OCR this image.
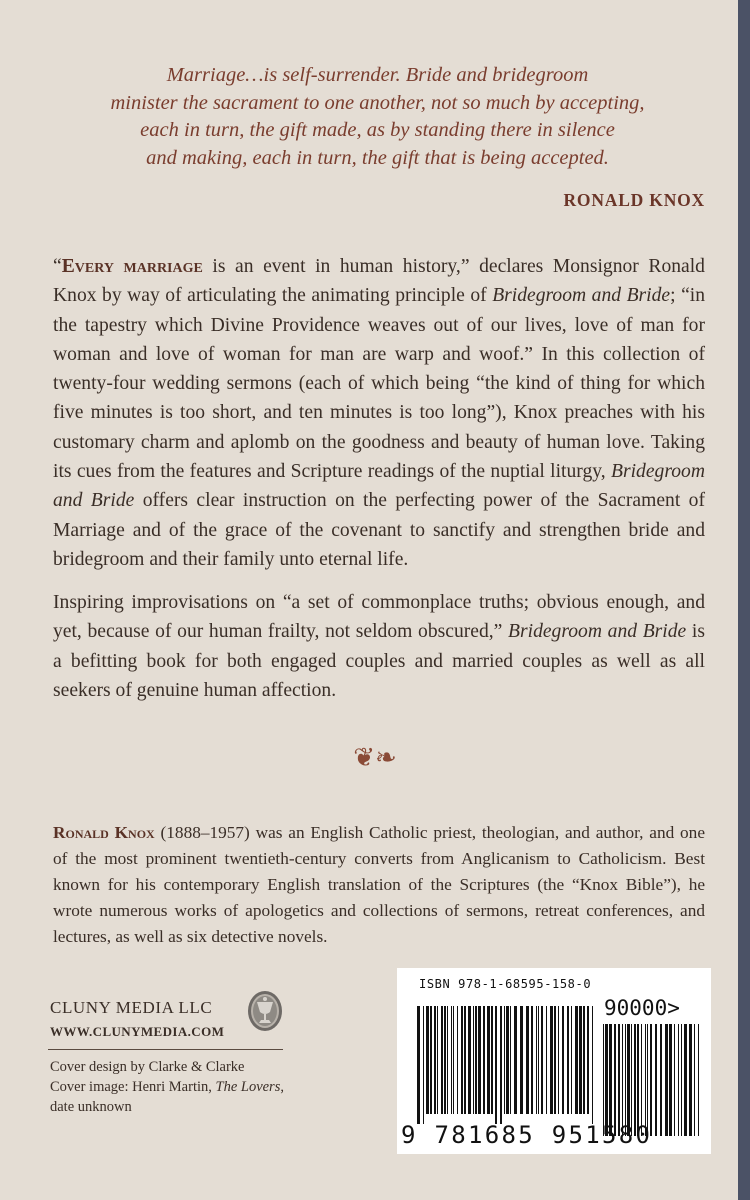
Marriage…is self-surrender. Bride and bridegroom
minister the sacrament to one another, not so much by accepting,
each in turn, the gift made, as by standing there in silence
and making, each in turn, the gift that is being accepted.
RONALD KNOX
“Every marriage is an event in human history,” declares Monsignor Ronald Knox by way of articulating the animating principle of Bridegroom and Bride; “in the tapestry which Divine Providence weaves out of our lives, love of man for woman and love of woman for man are warp and woof.” In this collection of twenty-four wedding sermons (each of which being “the kind of thing for which five minutes is too short, and ten minutes is too long”), Knox preaches with his customary charm and aplomb on the goodness and beauty of human love. Taking its cues from the features and Scripture readings of the nuptial liturgy, Bridegroom and Bride offers clear instruction on the perfecting power of the Sacrament of Marriage and of the grace of the covenant to sanctify and strengthen bride and bridegroom and their family unto eternal life.
Inspiring improvisations on “a set of commonplace truths; obvious enough, and yet, because of our human frailty, not seldom obscured,” Bridegroom and Bride is a befitting book for both engaged couples and married couples as well as all seekers of genuine human affection.
❦❧
Ronald Knox (1888–1957) was an English Catholic priest, theologian, and author, and one of the most prominent twentieth-century converts from Anglicanism to Catholicism. Best known for his contemporary English translation of the Scriptures (the “Knox Bible”), he wrote numerous works of apologetics and collections of sermons, retreat conferences, and lectures, as well as six detective novels.
CLUNY MEDIA LLC
WWW.CLUNYMEDIA.COM
Cover design by Clarke & Clarke
Cover image: Henri Martin, The Lovers,
date unknown
ISBN 978-1-68595-158-0
90000>
9 781685 951580
